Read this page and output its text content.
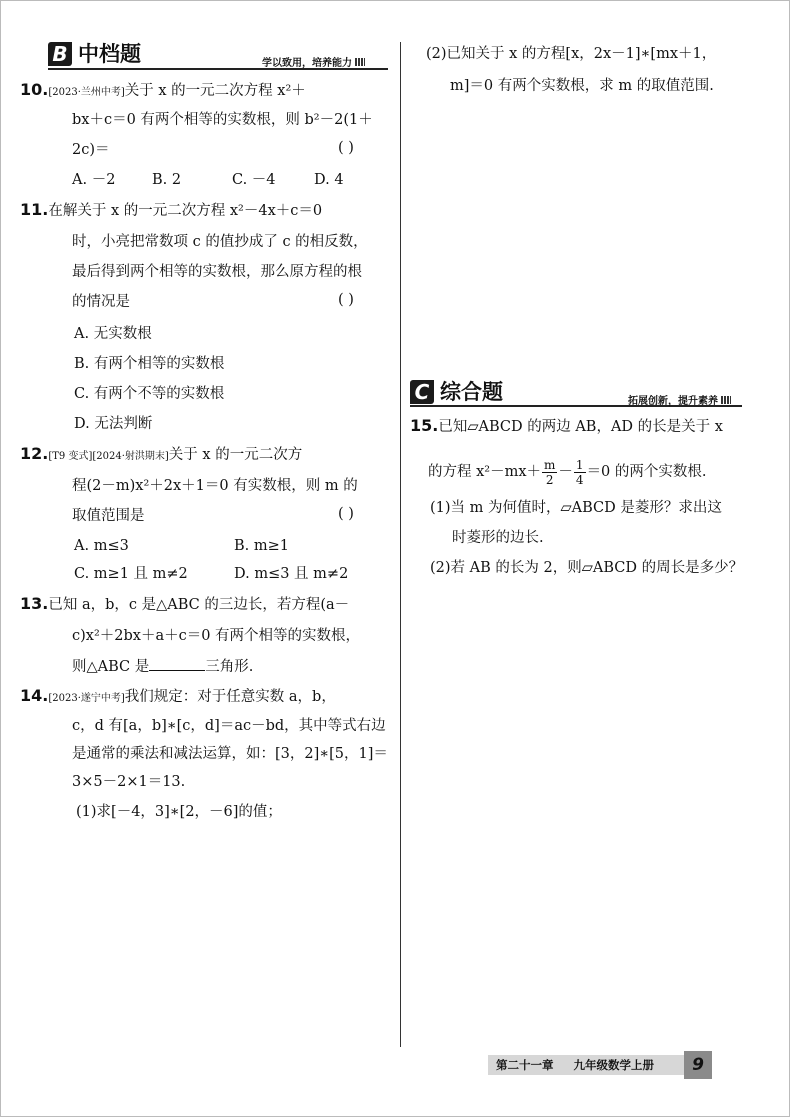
B 中档题	学以致用，培养能力
10.[2023·兰州中考]关于 x 的一元二次方程 x²＋
bx＋c＝0 有两个相等的实数根，则 b²－2(1＋
2c)＝	( )
A. －2	B. 2	C. －4	D. 4
11.在解关于 x 的一元二次方程 x²－4x＋c＝0
时，小亮把常数项 c 的值抄成了 c 的相反数，
最后得到两个相等的实数根，那么原方程的根
的情况是	( )
A. 无实数根
B. 有两个相等的实数根
C. 有两个不等的实数根
D. 无法判断
12.[T9 变式][2024·射洪期末]关于 x 的一元二次方
程(2－m)x²＋2x＋1＝0 有实数根，则 m 的
取值范围是	( )
A. m≤3	B. m≥1
C. m≥1 且 m≠2	D. m≤3 且 m≠2
13.已知 a，b，c 是△ABC 的三边长，若方程(a－
c)x²＋2bx＋a＋c＝0 有两个相等的实数根，
则△ABC 是	三角形.
14.[2023·遂宁中考]我们规定：对于任意实数 a，b，
c，d 有[a，b]∗[c，d]＝ac－bd，其中等式右边
是通常的乘法和减法运算，如：[3，2]∗[5，1]＝
3×5－2×1＝13.
(1)求[－4，3]∗[2，－6]的值；
(2)已知关于 x 的方程[x，2x－1]∗[mx＋1，
m]＝0 有两个实数根，求 m 的取值范围.
C 综合题	拓展创新，提升素养
15.已知▱ABCD 的两边 AB，AD 的长是关于 x
的方程 $x^2-mx+ \frac{m}{2} - \frac{1}{4} =0$ 的两个实数根.
(1)当 m 为何值时，▱ABCD 是菱形？求出这
时菱形的边长.
(2)若 AB 的长为 2，则▱ABCD 的周长是多少？
第二十一章 九年级数学上册	9
